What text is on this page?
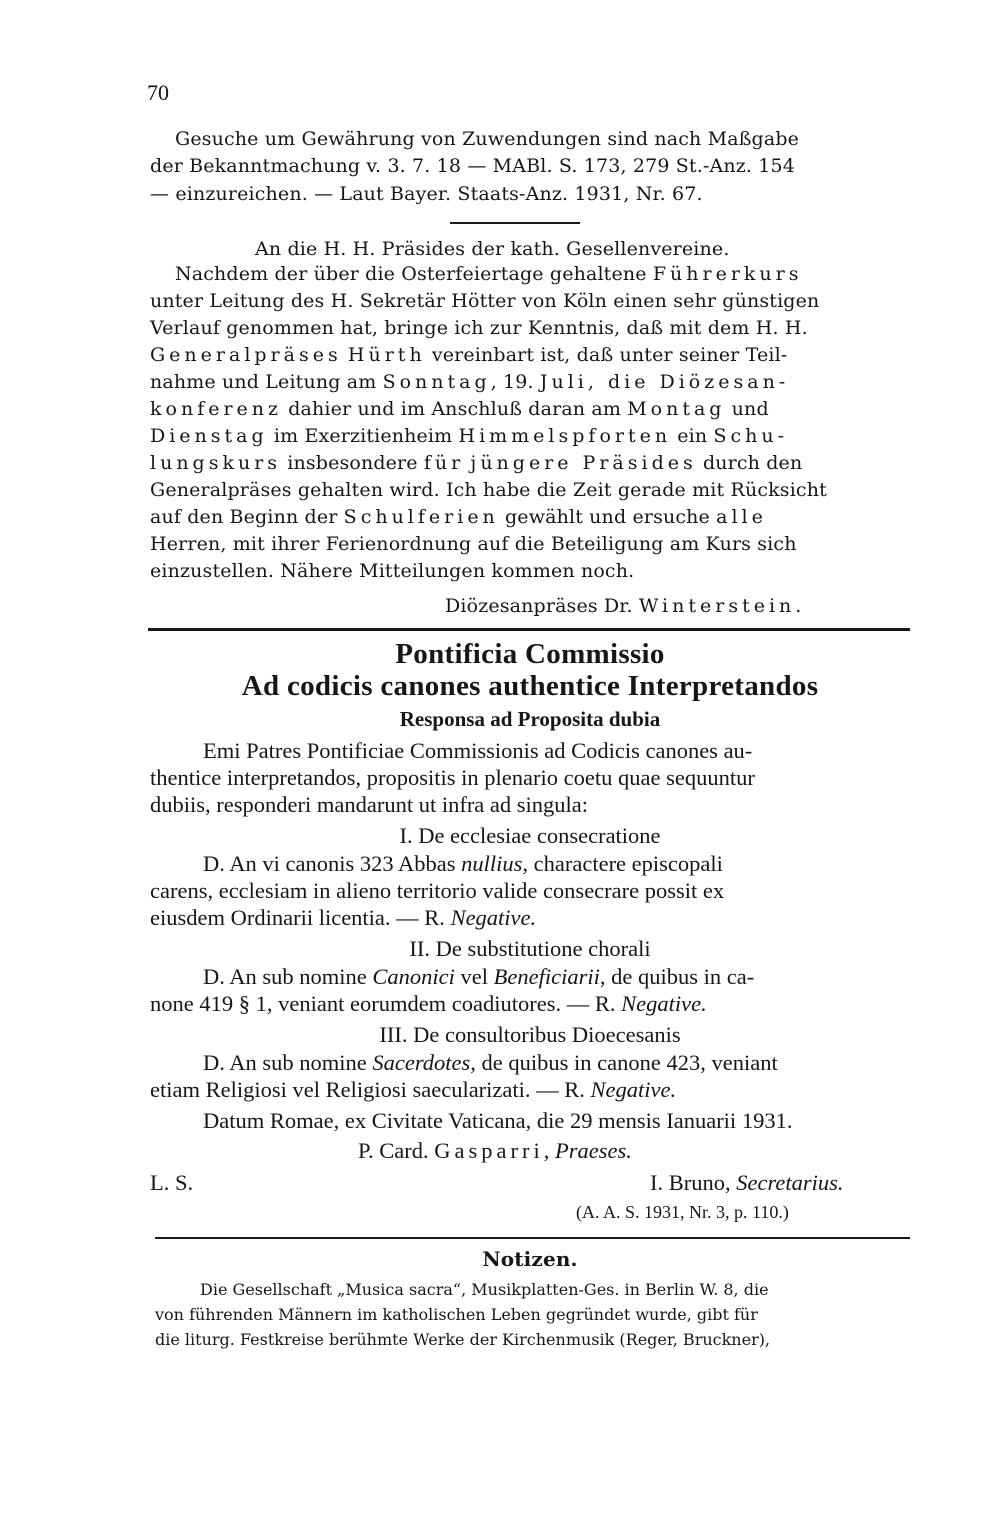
70
Gesuche um Gewährung von Zuwendungen sind nach Maßgabe
der Bekanntmachung v. 3. 7. 18 — MABl. S. 173, 279 St.-Anz. 154
— einzureichen. — Laut Bayer. Staats-Anz. 1931, Nr. 67.
An die H. H. Präsides der kath. Gesellenvereine.
Nachdem der über die Osterfeiertage gehaltene Führerkurs
unter Leitung des H. Sekretär Hötter von Köln einen sehr günstigen
Verlauf genommen hat, bringe ich zur Kenntnis, daß mit dem H. H.
Generalpräses Hürth vereinbart ist, daß unter seiner Teil-
nahme und Leitung am Sonntag, 19. Juli, die Diözesan-
konferenz dahier und im Anschluß daran am Montag und
Dienstag im Exerzitienheim Himmelspforten ein Schu-
lungskurs insbesondere für jüngere Präsides durch den
Generalpräses gehalten wird. Ich habe die Zeit gerade mit Rücksicht
auf den Beginn der Schulferien gewählt und ersuche alle
Herren, mit ihrer Ferienordnung auf die Beteiligung am Kurs sich
einzustellen. Nähere Mitteilungen kommen noch.
Diözesanpräses Dr. Winterstein.
Pontificia Commissio
Ad codicis canones authentice Interpretandos
Responsa ad Proposita dubia
Emi Patres Pontificiae Commissionis ad Codicis canones au-
thentice interpretandos, propositis in plenario coetu quae sequuntur
dubiis, responderi mandarunt ut infra ad singula:
I. De ecclesiae consecratione
D. An vi canonis 323 Abbas nullius, charactere episcopali
carens, ecclesiam in alieno territorio valide consecrare possit ex
eiusdem Ordinarii licentia. — R. Negative.
II. De substitutione chorali
D. An sub nomine Canonici vel Beneficiarii, de quibus in ca-
none 419 § 1, veniant eorumdem coadiutores. — R. Negative.
III. De consultoribus Dioecesanis
D. An sub nomine Sacerdotes, de quibus in canone 423, veniant
etiam Religiosi vel Religiosi saecularizati. — R. Negative.
Datum Romae, ex Civitate Vaticana, die 29 mensis Ianuarii 1931.
P. Card. Gasparri, Praeses.
L. S.	I. Bruno, Secretarius.
(A. A. S. 1931, Nr. 3, p. 110.)
Notizen.
Die Gesellschaft „Musica sacra“, Musikplatten-Ges. in Berlin W. 8, die
von führenden Männern im katholischen Leben gegründet wurde, gibt für
die liturg. Festkreise berühmte Werke der Kirchenmusik (Reger, Bruckner),
